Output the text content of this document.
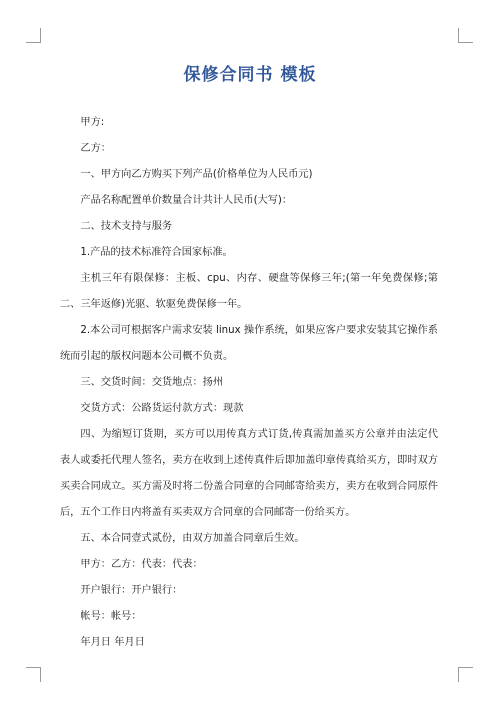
保修合同书 模板

甲方:

乙方：

一、甲方向乙方购买下列产品(价格单位为人民币元)

产品名称配置单价数量合计共计人民币(大写)：

二、技术支持与服务

1.产品的技术标准符合国家标准。

主机三年有限保修：主板、cpu、内存、硬盘等保修三年;(第一年免费保修;第二、三年返修)光驱、软驱免费保修一年。

2.本公司可根据客户需求安装 linux 操作系统，如果应客户要求安装其它操作系统而引起的版权问题本公司概不负责。

三、交货时间：交货地点：扬州

交货方式：公路货运付款方式：现款

四、为缩短订货期，买方可以用传真方式订货,传真需加盖买方公章并由法定代表人或委托代理人签名，卖方在收到上述传真件后即加盖印章传真给买方，即时双方买卖合同成立。买方需及时将二份盖合同章的合同邮寄给卖方，卖方在收到合同原件后，五个工作日内将盖有买卖双方合同章的合同邮寄一份给买方。

五、本合同壹式贰份，由双方加盖合同章后生效。

甲方：乙方：代表：代表：

开户银行：开户银行：

帐号：帐号：

年月日 年月日
